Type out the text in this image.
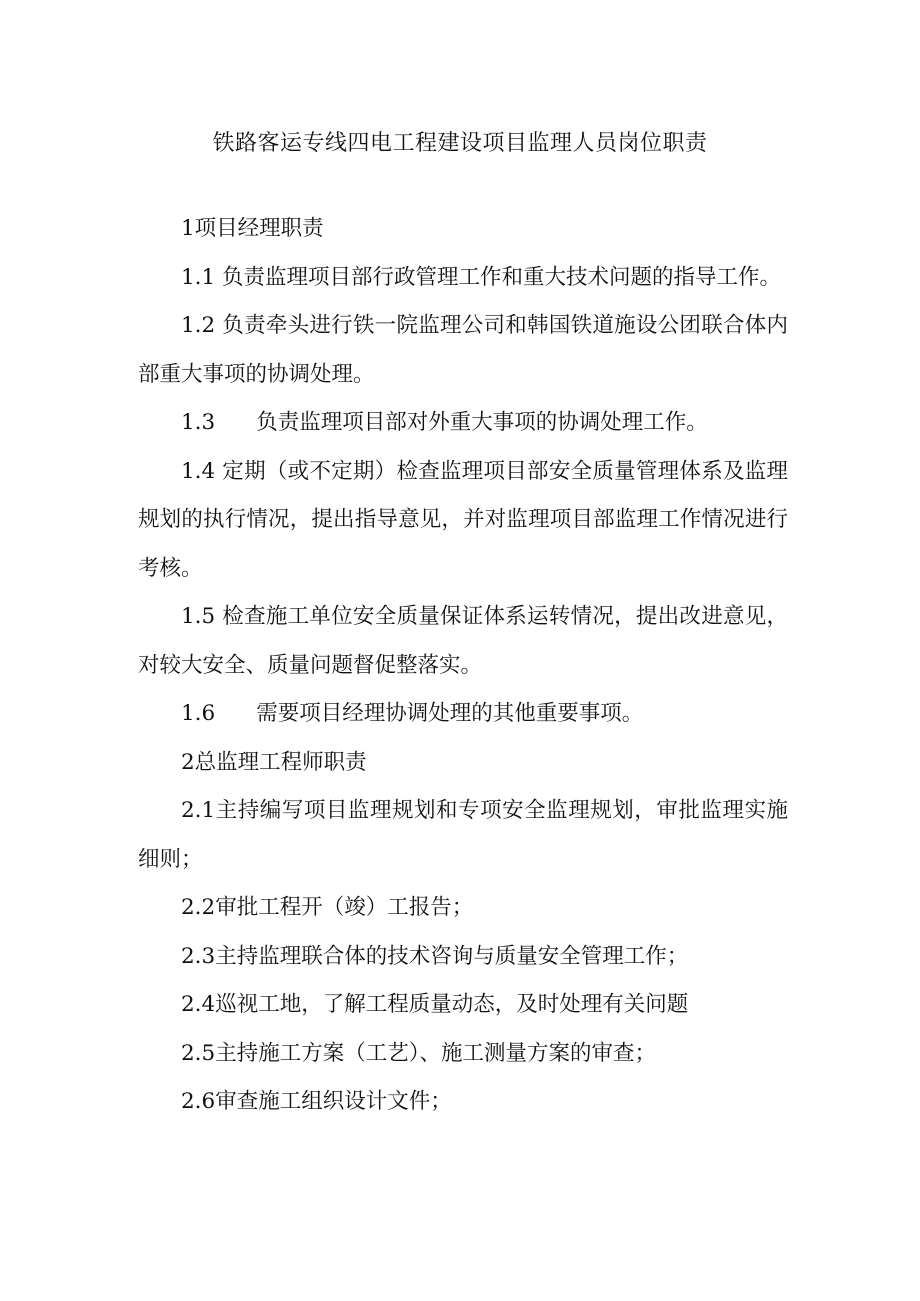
铁路客运专线四电工程建设项目监理人员岗位职责

1项目经理职责

1.1 负责监理项目部行政管理工作和重大技术问题的指导工作。

1.2 负责牵头进行铁一院监理公司和韩国铁道施设公团联合体内部重大事项的协调处理。

1.3      负责监理项目部对外重大事项的协调处理工作。

1.4 定期（或不定期）检查监理项目部安全质量管理体系及监理规划的执行情况，提出指导意见，并对监理项目部监理工作情况进行考核。

1.5 检查施工单位安全质量保证体系运转情况，提出改进意见，对较大安全、质量问题督促整落实。

1.6      需要项目经理协调处理的其他重要事项。

2总监理工程师职责

2.1主持编写项目监理规划和专项安全监理规划，审批监理实施细则；

2.2审批工程开（竣）工报告；

2.3主持监理联合体的技术咨询与质量安全管理工作；

2.4巡视工地，了解工程质量动态，及时处理有关问题

2.5主持施工方案（工艺）、施工测量方案的审查；

2.6审查施工组织设计文件；
